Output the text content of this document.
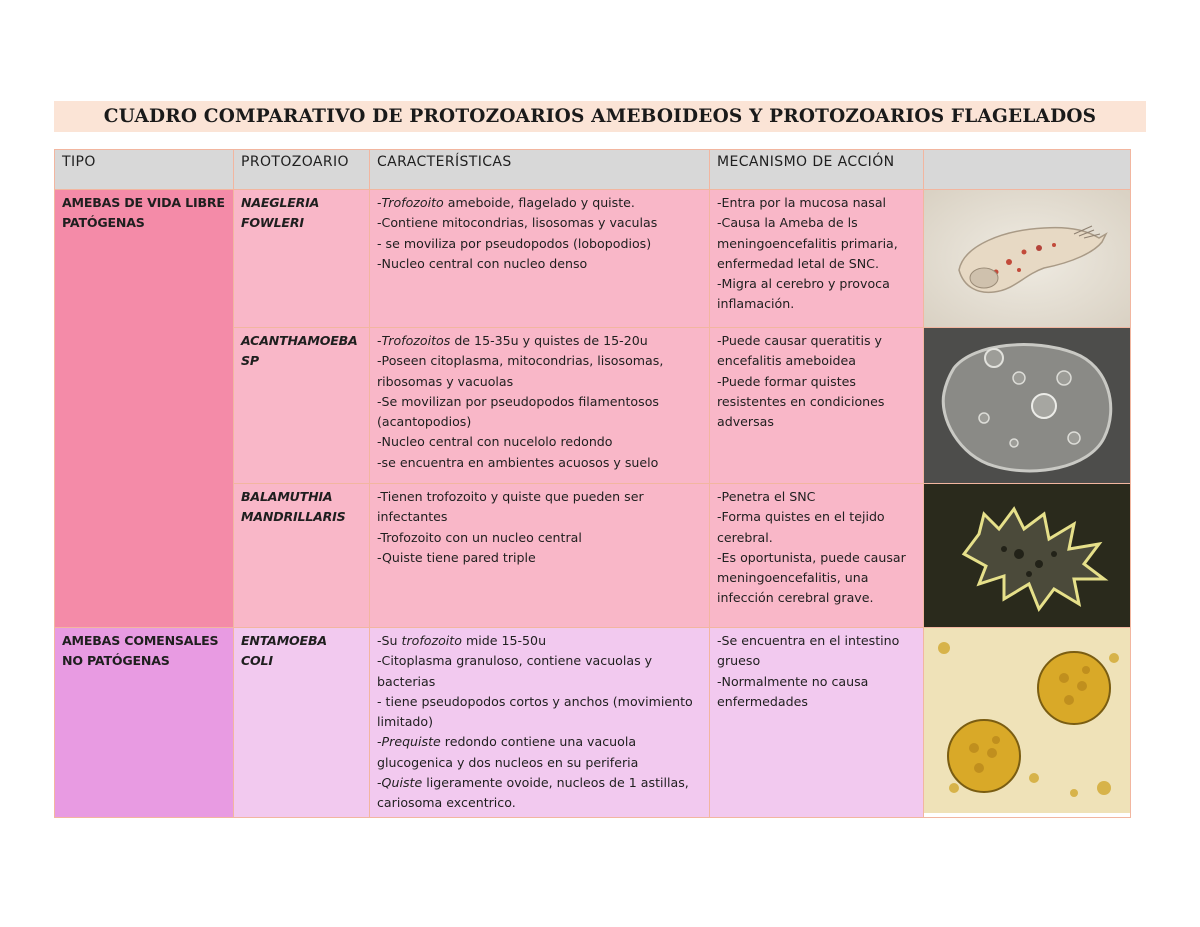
CUADRO COMPARATIVO DE PROTOZOARIOS AMEBOIDEOS Y PROTOZOARIOS FLAGELADOS
TIPO	PROTOZOARIO	CARACTERÍSTICAS	MECANISMO DE ACCIÓN	
AMEBAS DE VIDA LIBRE PATÓGENAS	NAEGLERIA FOWLERI	-Trofozoito ameboide, flagelado y quiste.
-Contiene mitocondrias, lisosomas y vaculas
- se moviliza por pseudopodos (lobopodios)
-Nucleo central con nucleo denso	-Entra por la mucosa nasal
-Causa la Ameba de ls meningoencefalitis primaria, enfermedad letal de SNC.
-Migra al cerebro y provoca inflamación.

	ACANTHAMOEBA SP	-Trofozoitos de 15-35u y quistes de 15-20u
-Poseen citoplasma, mitocondrias, lisosomas, ribosomas y vacuolas
-Se movilizan por pseudopodos filamentosos (acantopodios)
-Nucleo central con nucelolo redondo
-se encuentra en ambientes acuosos y suelo	-Puede causar queratitis y encefalitis ameboidea
-Puede formar quistes resistentes en condiciones adversas

	BALAMUTHIA MANDRILLARIS	-Tienen trofozoito y quiste que pueden ser infectantes
-Trofozoito con un nucleo central
-Quiste tiene pared triple	-Penetra el SNC
-Forma quistes en el tejido cerebral.
-Es oportunista, puede causar meningoencefalitis, una infección cerebral grave.

AMEBAS COMENSALES NO PATÓGENAS	ENTAMOEBA COLI	-Su trofozoito mide 15-50u
-Citoplasma granuloso, contiene vacuolas y bacterias
- tiene pseudopodos cortos y anchos (movimiento limitado)
-Prequiste redondo contiene una vacuola glucogenica y dos nucleos en su periferia
-Quiste ligeramente ovoide, nucleos de 1 astillas, cariosoma excentrico.	-Se encuentra en el intestino grueso
-Normalmente no causa enfermedades
